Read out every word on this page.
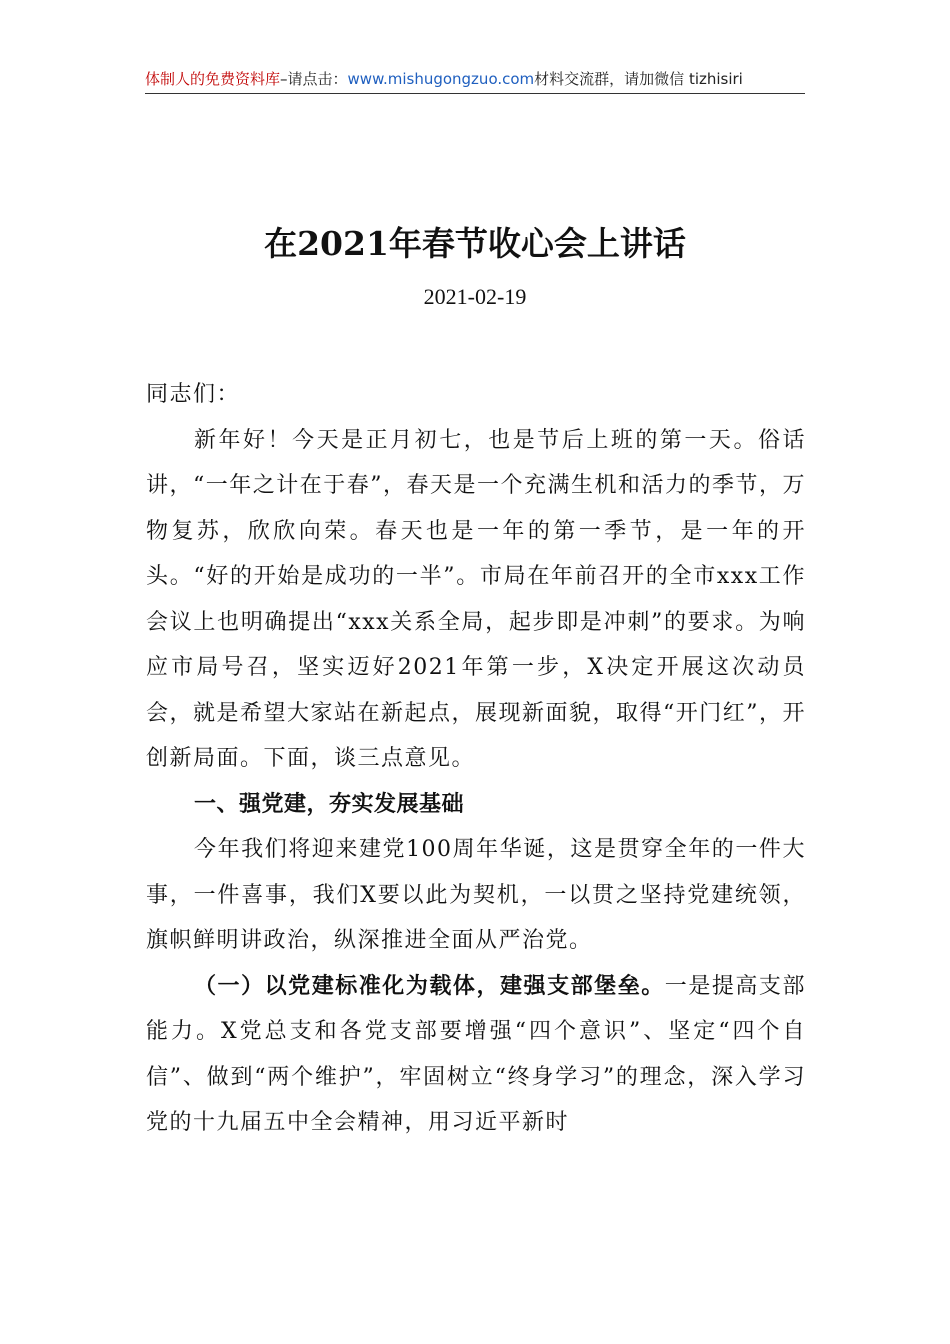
体制人的免费资料库–请点击：www.mishugongzuo.com材料交流群，请加微信 tizhisiri
在2021年春节收心会上讲话
2021-02-19

同志们：

新年好！今天是正月初七，也是节后上班的第一天。俗话讲，“一年之计在于春”，春天是一个充满生机和活力的季节，万物复苏，欣欣向荣。春天也是一年的第一季节，是一年的开头。“好的开始是成功的一半”。市局在年前召开的全市xxx工作会议上也明确提出“xxx关系全局，起步即是冲刺”的要求。为响应市局号召，坚实迈好2021年第一步，X决定开展这次动员会，就是希望大家站在新起点，展现新面貌，取得“开门红”，开创新局面。下面，谈三点意见。

一、强党建，夯实发展基础

今年我们将迎来建党100周年华诞，这是贯穿全年的一件大事，一件喜事，我们X要以此为契机，一以贯之坚持党建统领，旗帜鲜明讲政治，纵深推进全面从严治党。

（一）以党建标准化为载体，建强支部堡垒。一是提高支部能力。X党总支和各党支部要增强“四个意识”、坚定“四个自信”、做到“两个维护”，牢固树立“终身学习”的理念，深入学习党的十九届五中全会精神，用习近平新时
